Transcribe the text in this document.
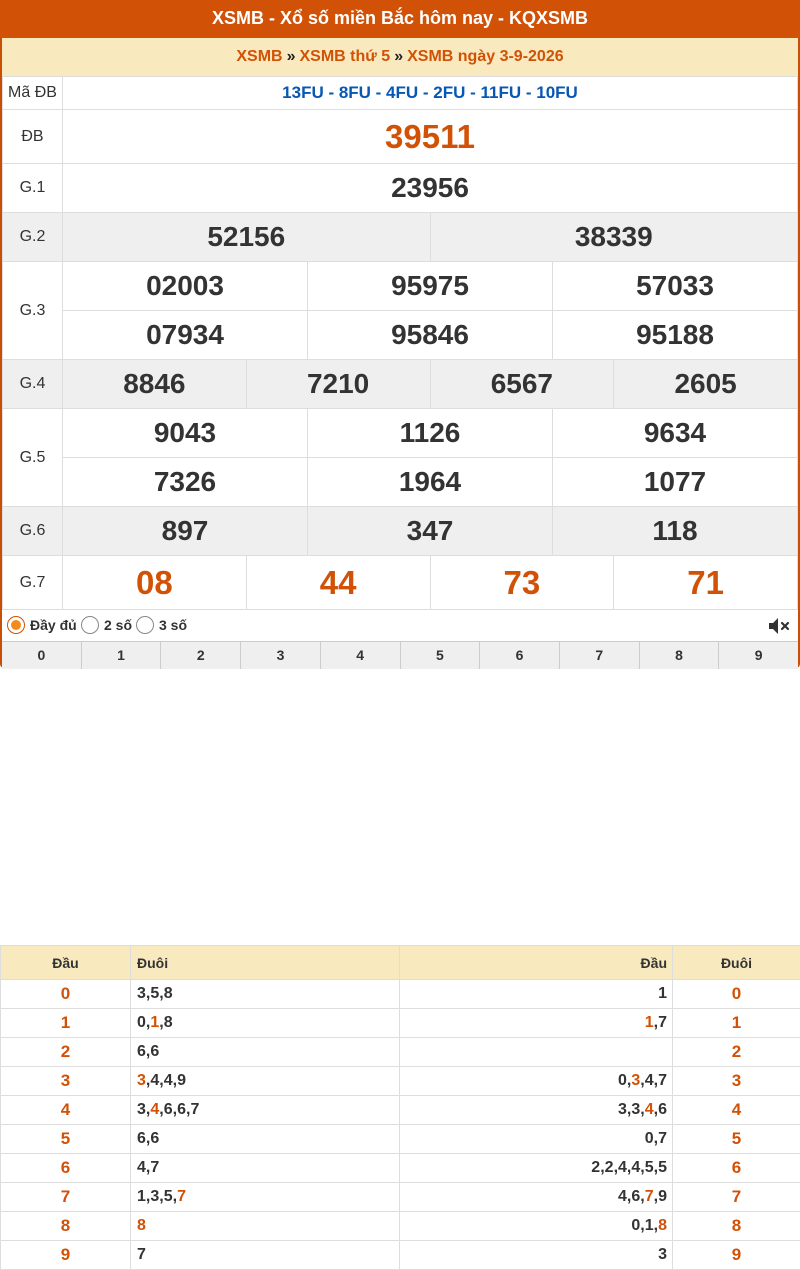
XSMB - Xổ số miền Bắc hôm nay - KQXSMB
XSMB » XSMB thứ 5 » XSMB ngày 3-9-2026
Mã ĐB	13FU - 8FU - 4FU - 2FU - 11FU - 10FU					
ĐB	39511					
G.1	23956					
G.2	52156			38339		
G.3	02003		95975		57033	
	07934		95846		95188	
G.4	8846	7210		6567		2605
G.5	9043		1126		9634	
	7326		1964		1077	
G.6	897		347		118	
G.7	08	44		73		71
Đầy đủ 2 số 3 số
0	1	2	3	4	5	6	7	8	9
Đầu	Đuôi	Đầu	Đuôi
0	3,5,8	1	0
1	0,1,8	1,7	1
2	6,6		2
3	3,4,4,9	0,3,4,7	3
4	3,4,6,6,7	3,3,4,6	4
5	6,6	0,7	5
6	4,7	2,2,4,4,5,5	6
7	1,3,5,7	4,6,7,9	7
8	8	0,1,8	8
9	7	3	9
